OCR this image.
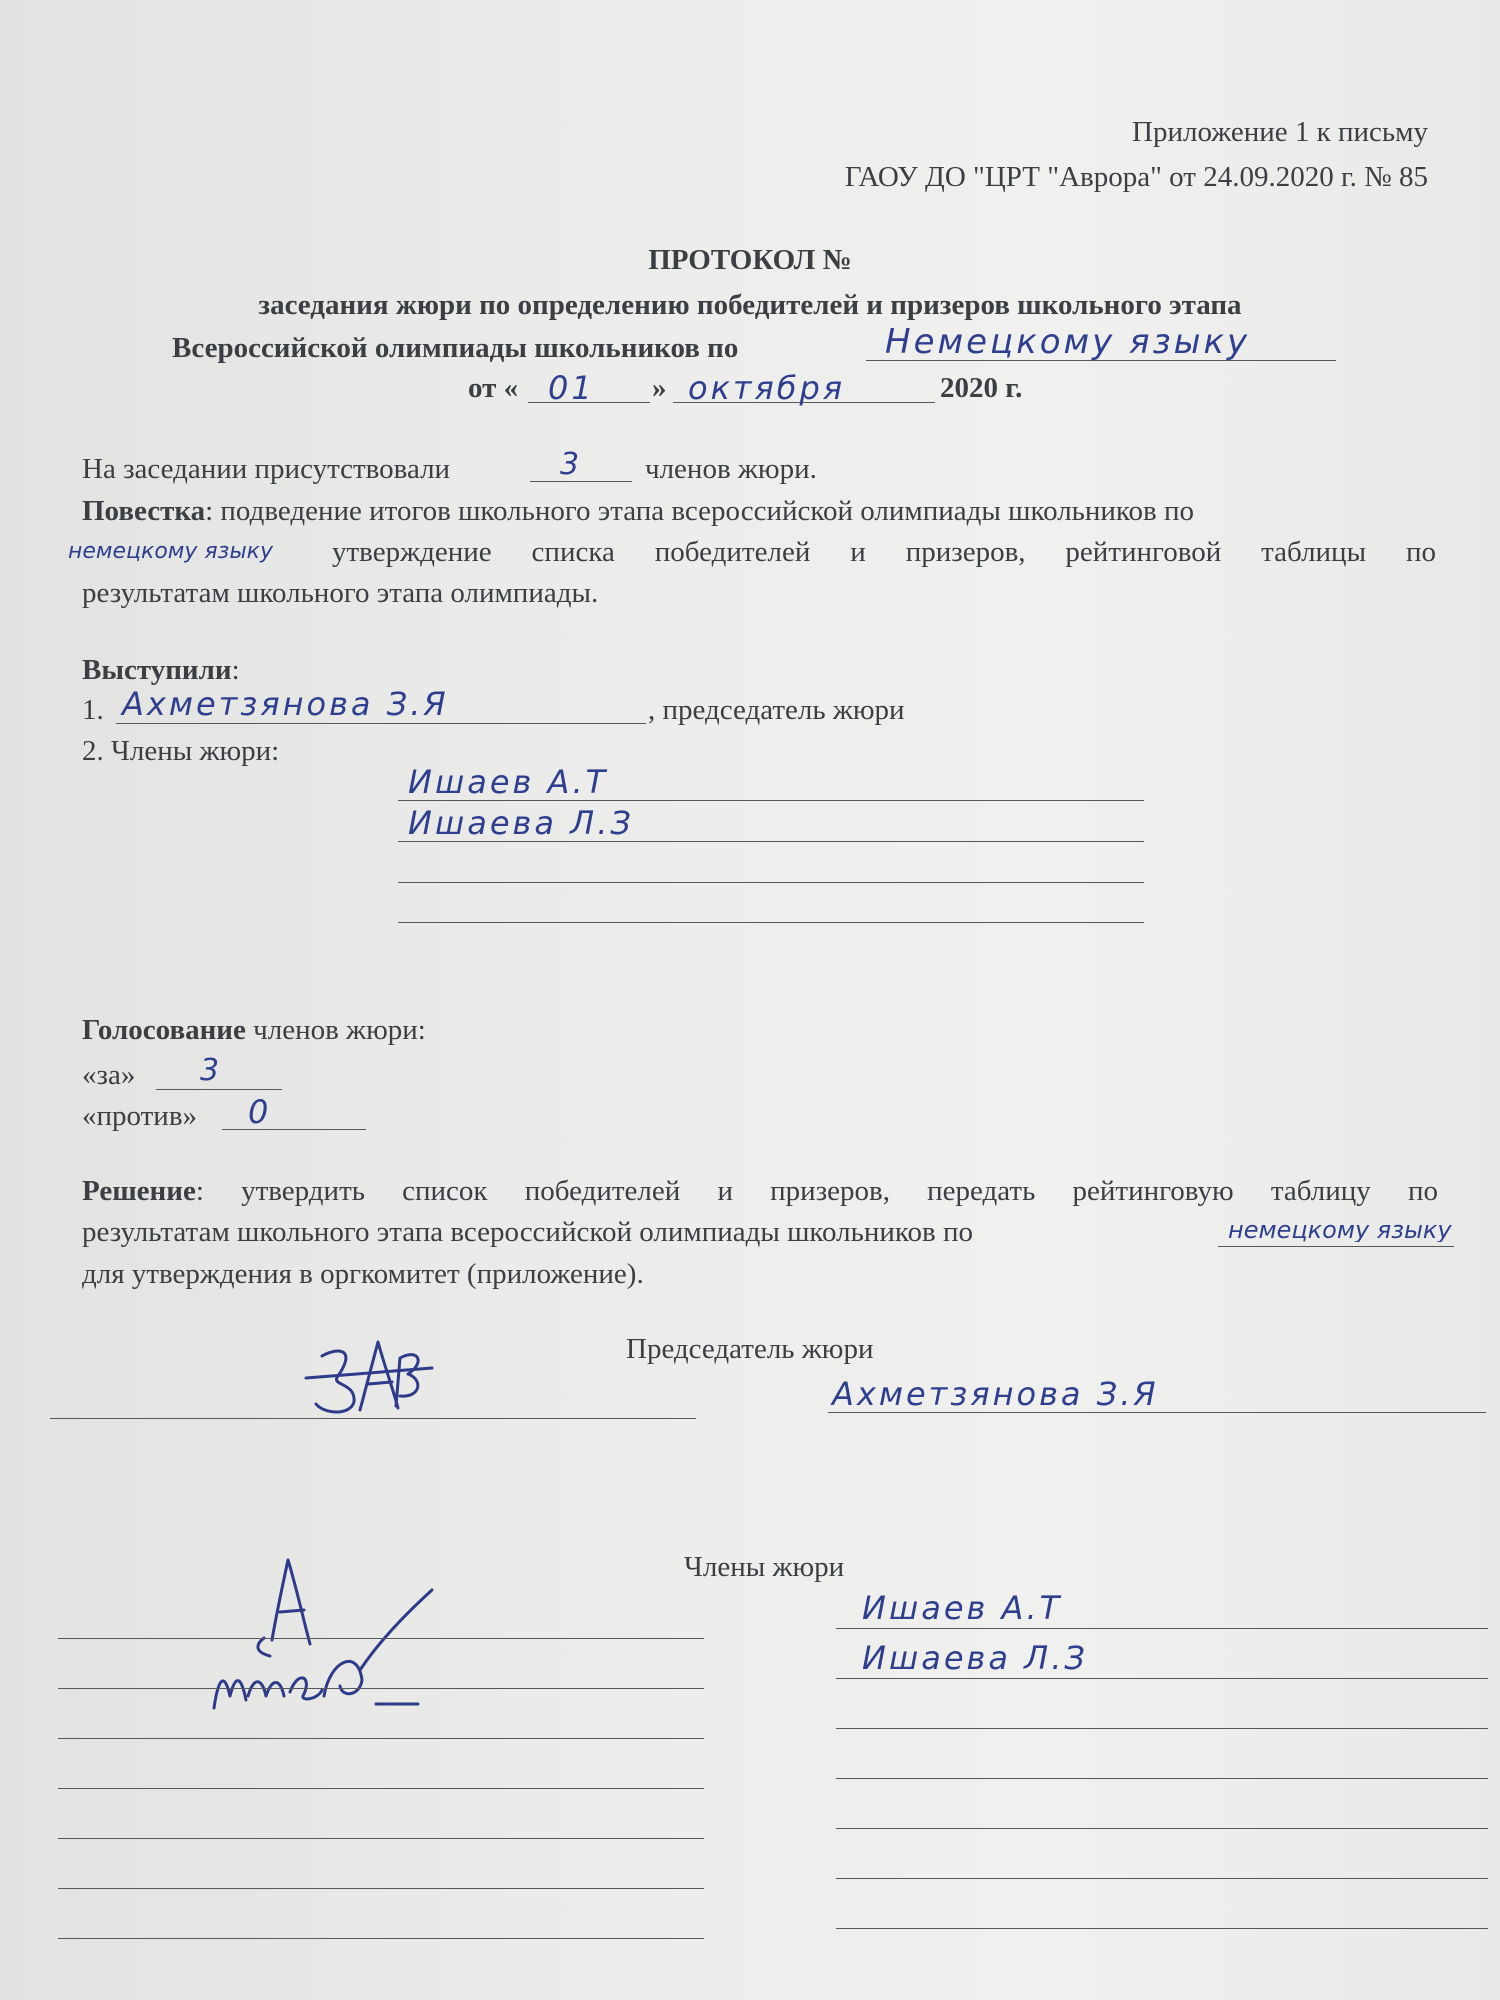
Приложение 1 к письму
ГАОУ ДО "ЦРТ "Аврора" от 24.09.2020 г. № 85
ПРОТОКОЛ №
заседания жюри по определению победителей и призеров школьного этапа
Всероссийской олимпиады школьников по	Немецкому языку
от « 01 » октября	2020 г.
На заседании присутствовали	3 членов жюри.
Повестка: подведение итогов школьного этапа всероссийской олимпиады школьников по
немецкому языку утверждение списка победителей и призеров, рейтинговой таблицы по
результатам школьного этапа олимпиады.
Выступили:
1. Ахметзянова З.Я	, председатель жюри
2. Члены жюри:
Ишаев А.Т
Ишаева Л.З
Голосование членов жюри:
«за» 3
«против» 0
Решение: утвердить список победителей и призеров, передать рейтинговую таблицу по
результатам школьного этапа всероссийской олимпиады школьников по	немецкому языку
для утверждения в оргкомитет (приложение).
Председатель жюри
Ахметзянова З.Я
Члены жюри
Ишаев А.Т
Ишаева Л.З
